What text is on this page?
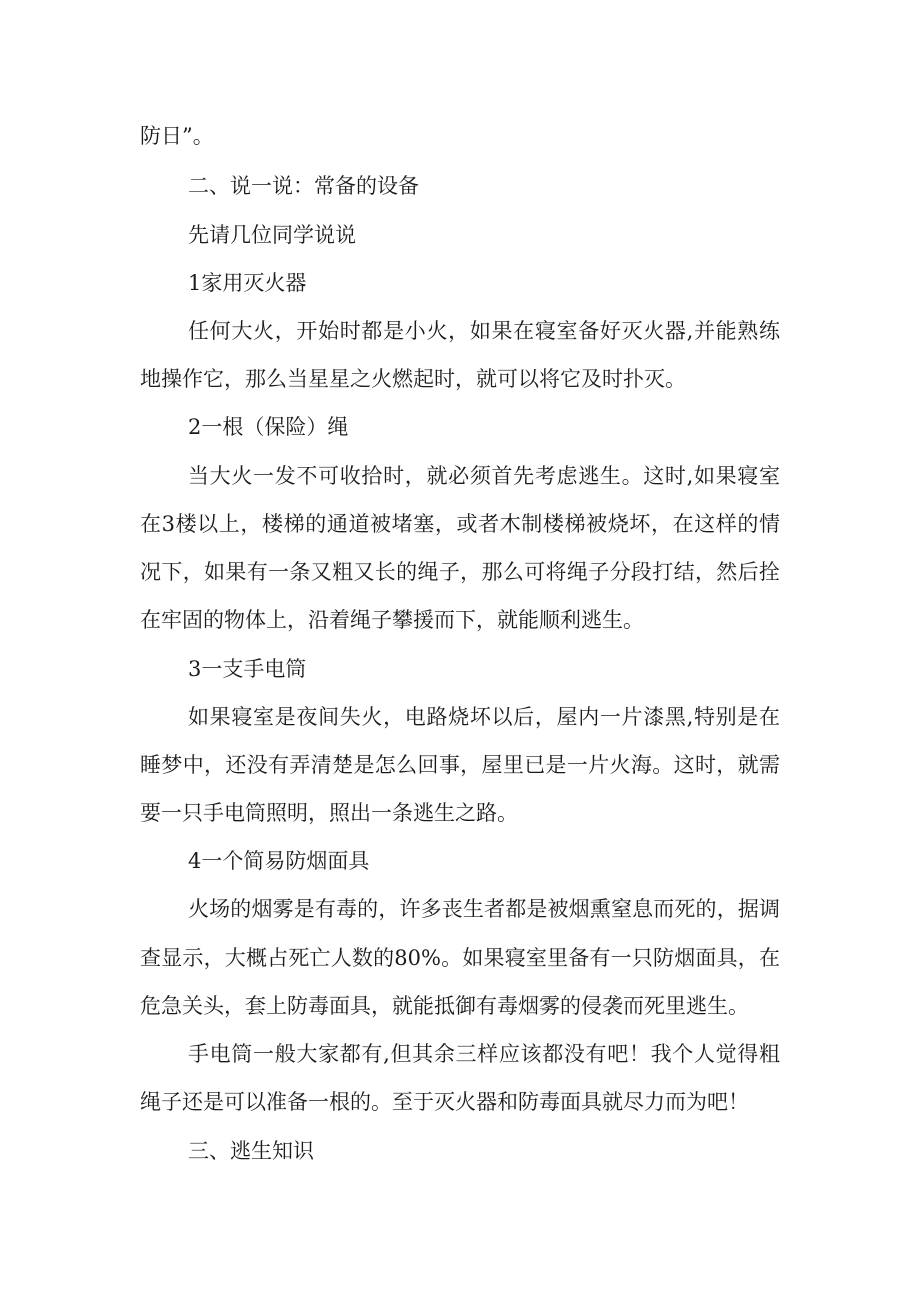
防日”。
二、说一说：常备的设备
先请几位同学说说
1家用灭火器
任何大火，开始时都是小火，如果在寝室备好灭火器,并能熟练
地操作它，那么当星星之火燃起时，就可以将它及时扑灭。
2一根（保险）绳
当大火一发不可收拾时，就必须首先考虑逃生。这时,如果寝室
在3楼以上，楼梯的通道被堵塞，或者木制楼梯被烧坏，在这样的情
况下，如果有一条又粗又长的绳子，那么可将绳子分段打结，然后拴
在牢固的物体上，沿着绳子攀援而下，就能顺利逃生。
3一支手电筒
如果寝室是夜间失火，电路烧坏以后，屋内一片漆黑,特别是在
睡梦中，还没有弄清楚是怎么回事，屋里已是一片火海。这时，就需
要一只手电筒照明，照出一条逃生之路。
4一个简易防烟面具
火场的烟雾是有毒的，许多丧生者都是被烟熏窒息而死的，据调
查显示，大概占死亡人数的80%。如果寝室里备有一只防烟面具，在
危急关头，套上防毒面具，就能抵御有毒烟雾的侵袭而死里逃生。
手电筒一般大家都有,但其余三样应该都没有吧！我个人觉得粗
绳子还是可以准备一根的。至于灭火器和防毒面具就尽力而为吧！
三、逃生知识
